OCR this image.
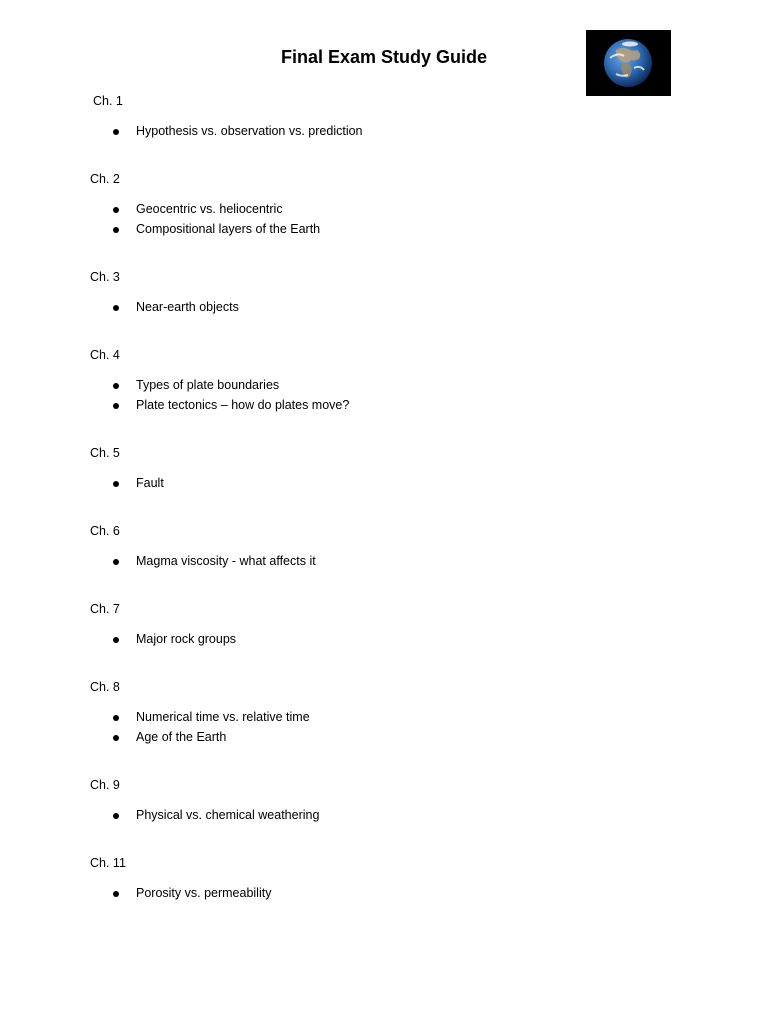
Final Exam Study Guide
Ch. 1
Hypothesis vs. observation vs. prediction
Ch. 2
Geocentric vs. heliocentric
Compositional layers of the Earth
Ch. 3
Near-earth objects
Ch. 4
Types of plate boundaries
Plate tectonics – how do plates move?
Ch. 5
Fault
Ch. 6
Magma viscosity - what affects it
Ch. 7
Major rock groups
Ch. 8
Numerical time vs. relative time
Age of the Earth
Ch. 9
Physical vs. chemical weathering
Ch. 11
Porosity vs. permeability
